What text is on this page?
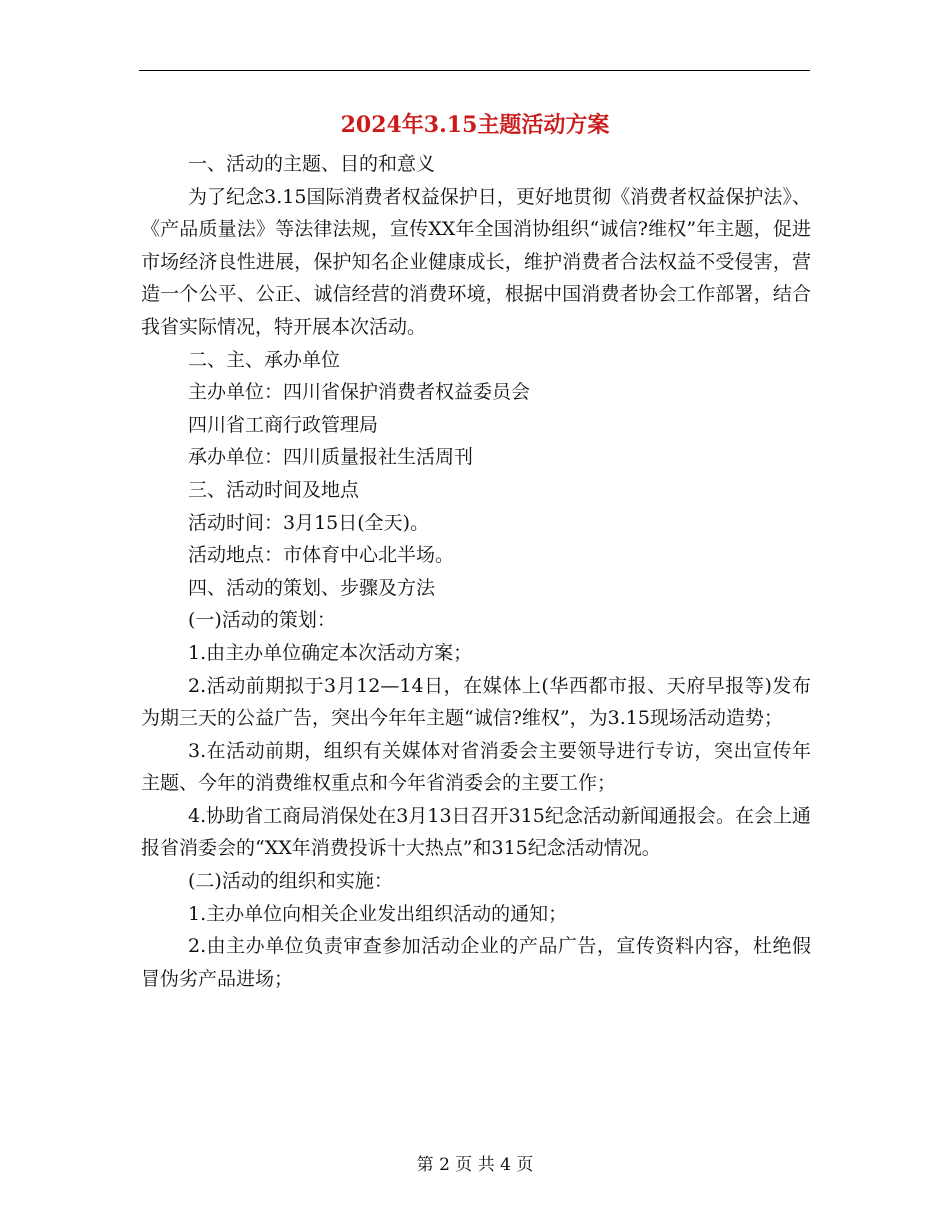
2024年3.15主题活动方案

一、活动的主题、目的和意义

为了纪念3.15国际消费者权益保护日，更好地贯彻《消费者权益保护法》、《产品质量法》等法律法规，宣传XX年全国消协组织“诚信?维权”年主题，促进市场经济良性进展，保护知名企业健康成长，维护消费者合法权益不受侵害，营造一个公平、公正、诚信经营的消费环境，根据中国消费者协会工作部署，结合我省实际情况，特开展本次活动。

二、主、承办单位

主办单位：四川省保护消费者权益委员会

四川省工商行政管理局

承办单位：四川质量报社生活周刊

三、活动时间及地点

活动时间：3月15日(全天)。

活动地点：市体育中心北半场。

四、活动的策划、步骤及方法

(一)活动的策划：

1.由主办单位确定本次活动方案；

2.活动前期拟于3月12—14日，在媒体上(华西都市报、天府早报等)发布为期三天的公益广告，突出今年年主题“诚信?维权”，为3.15现场活动造势；

3.在活动前期，组织有关媒体对省消委会主要领导进行专访，突出宣传年主题、今年的消费维权重点和今年省消委会的主要工作；

4.协助省工商局消保处在3月13日召开315纪念活动新闻通报会。在会上通报省消委会的“XX年消费投诉十大热点”和315纪念活动情况。

(二)活动的组织和实施：

1.主办单位向相关企业发出组织活动的通知；

2.由主办单位负责审查参加活动企业的产品广告，宣传资料内容，杜绝假冒伪劣产品进场；

第 2 页 共 4 页
